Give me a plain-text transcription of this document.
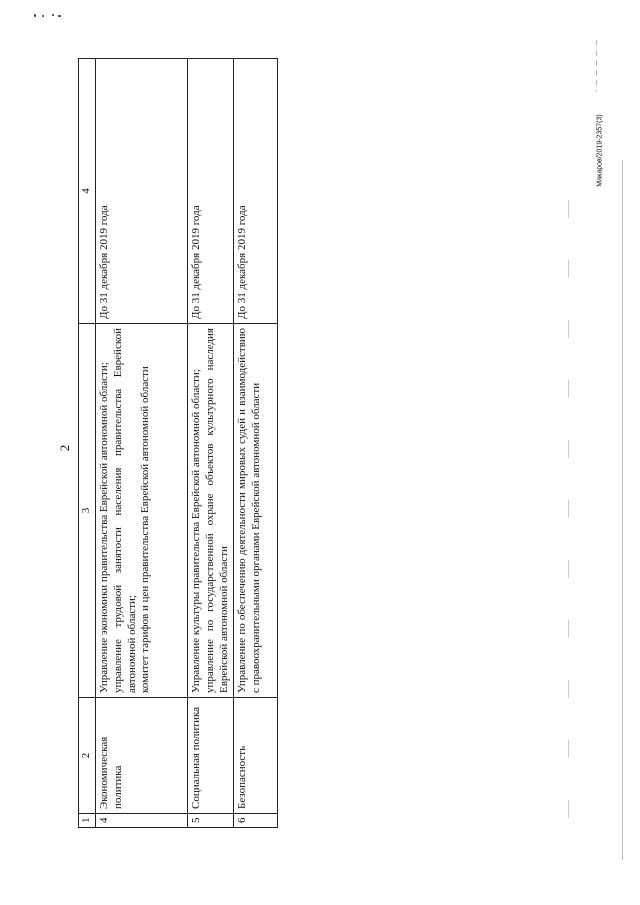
2
1	2	3	4
4	Экономическая политика	Управление экономики правительства Еврейской автономной области; управление трудовой занятости населения правительства Еврейской автономной области; комитет тарифов и цен правительства Еврейской автономной области	До 31 декабря 2019 года
5	Социальная политика	Управление культуры правительства Еврейской автономной области; управление по государственной охране объектов культурного наследия Еврейской автономной области	До 31 декабря 2019 года
6	Безопасность	Управление по обеспечению деятельности мировых судей и взаимодействию с правоохранительными органами Еврейской автономной области	До 31 декабря 2019 года
Макаров/2019-2357(3)
